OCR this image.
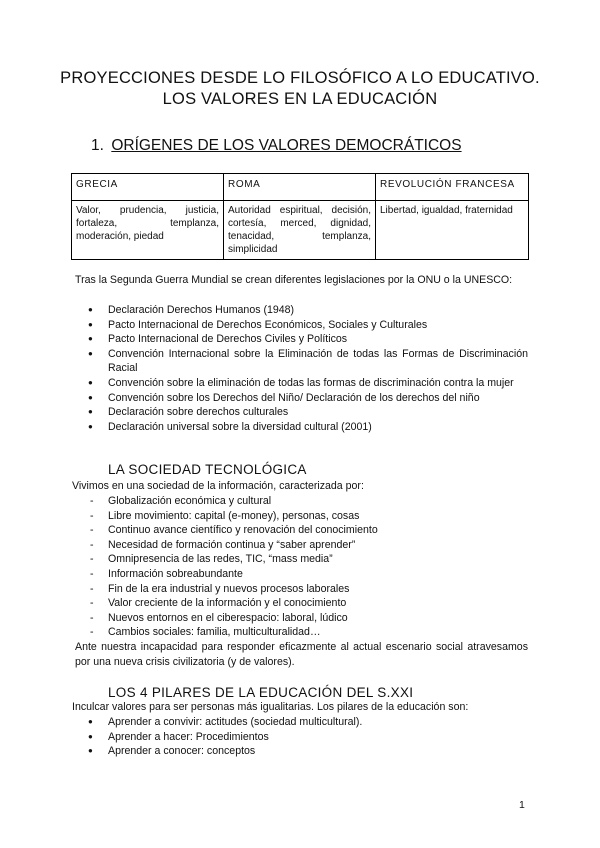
PROYECCIONES DESDE LO FILOSÓFICO A LO EDUCATIVO. LOS VALORES EN LA EDUCACIÓN
1. ORÍGENES DE LOS VALORES DEMOCRÁTICOS
GRECIA	ROMA	REVOLUCIÓN FRANCESA
Valor, prudencia, justicia, fortaleza, templanza, moderación, piedad	Autoridad espiritual, decisión, cortesía, merced, dignidad, tenacidad, templanza, simplicidad	Libertad, igualdad, fraternidad
Tras la Segunda Guerra Mundial se crean diferentes legislaciones por la ONU o la UNESCO:
● Declaración Derechos Humanos (1948)
● Pacto Internacional de Derechos Económicos, Sociales y Culturales
● Pacto Internacional de Derechos Civiles y Políticos
● Convención Internacional sobre la Eliminación de todas las Formas de Discriminación Racial
● Convención sobre la eliminación de todas las formas de discriminación contra la mujer
● Convención sobre los Derechos del Niño/ Declaración de los derechos del niño
● Declaración sobre derechos culturales
● Declaración universal sobre la diversidad cultural (2001)
LA SOCIEDAD TECNOLÓGICA
Vivimos en una sociedad de la información, caracterizada por:
- Globalización económica y cultural
- Libre movimiento: capital (e-money), personas, cosas
- Continuo avance científico y renovación del conocimiento
- Necesidad de formación continua y “saber aprender”
- Omnipresencia de las redes, TIC, “mass media”
- Información sobreabundante
- Fin de la era industrial y nuevos procesos laborales
- Valor creciente de la información y el conocimiento
- Nuevos entornos en el ciberespacio: laboral, lúdico
- Cambios sociales: familia, multiculturalidad…
Ante nuestra incapacidad para responder eficazmente al actual escenario social atravesamos por una nueva crisis civilizatoria (y de valores).
LOS 4 PILARES DE LA EDUCACIÓN DEL S.XXI
Inculcar valores para ser personas más igualitarias. Los pilares de la educación son:
● Aprender a convivir: actitudes (sociedad multicultural).
● Aprender a hacer: Procedimientos
● Aprender a conocer: conceptos
1
